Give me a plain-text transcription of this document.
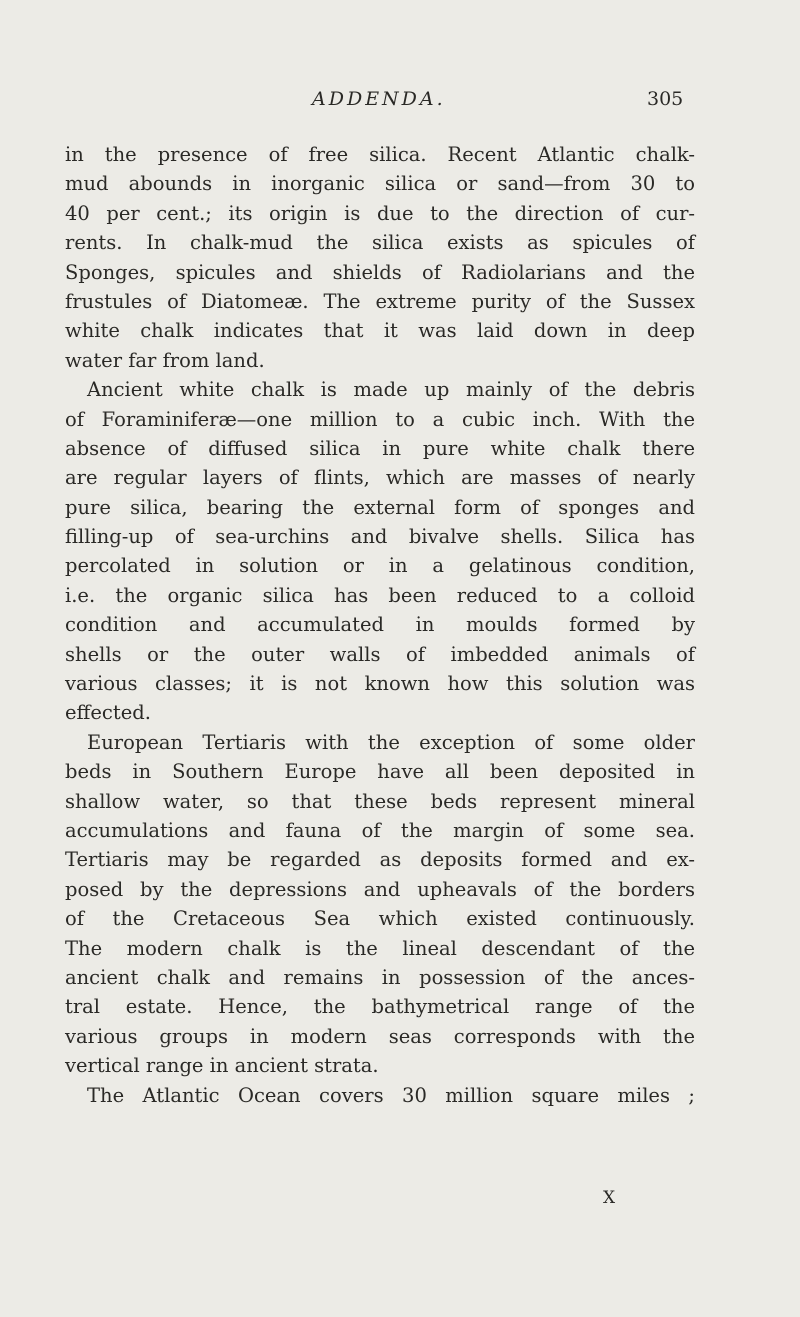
ADDENDA.	305
in the presence of free silica. Recent Atlantic chalk-
mud abounds in inorganic silica or sand—from 30 to
40 per cent.; its origin is due to the direction of cur-
rents. In chalk-mud the silica exists as spicules of
Sponges, spicules and shields of Radiolarians and the
frustules of Diatomeæ. The extreme purity of the Sussex
white chalk indicates that it was laid down in deep
water far from land.
Ancient white chalk is made up mainly of the debris
of Foraminiferæ—one million to a cubic inch. With the
absence of diffused silica in pure white chalk there
are regular layers of flints, which are masses of nearly
pure silica, bearing the external form of sponges and
filling-up of sea-urchins and bivalve shells. Silica has
percolated in solution or in a gelatinous condition,
i.e. the organic silica has been reduced to a colloid
condition and accumulated in moulds formed by
shells or the outer walls of imbedded animals of
various classes; it is not known how this solution was
effected.
European Tertiaris with the exception of some older
beds in Southern Europe have all been deposited in
shallow water, so that these beds represent mineral
accumulations and fauna of the margin of some sea.
Tertiaris may be regarded as deposits formed and ex-
posed by the depressions and upheavals of the borders
of the Cretaceous Sea which existed continuously.
The modern chalk is the lineal descendant of the
ancient chalk and remains in possession of the ances-
tral estate. Hence, the bathymetrical range of the
various groups in modern seas corresponds with the
vertical range in ancient strata.
The Atlantic Ocean covers 30 million square miles ;
X
